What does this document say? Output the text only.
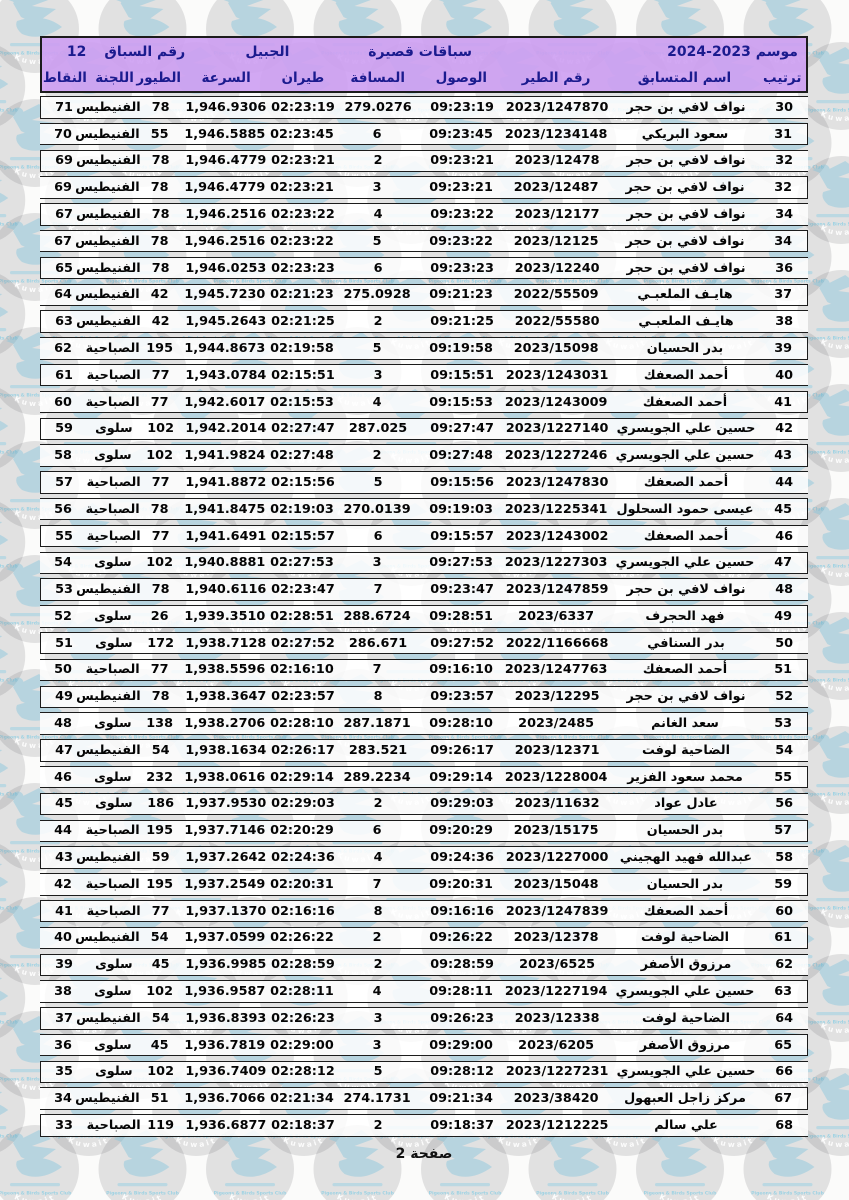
12 رقم السباق	الجبيل	سباقات قصيرة	موسم 2023-2024
النقاط اللجنة الطيور	السرعة	طيران	المسافة	الوصول	رقم الطير	اسم المتسابق	ترتيب
71 الفنيطيس 78	1,946.9306 02:23:19 279.0276	09:23:19 2023/1247870	نواف لافي بن حجر	30
70 الفنيطيس 55	1,946.5885 02:23:45	6	09:23:45 2023/1234148	سعود البريكي	31
69 الفنيطيس 78	1,946.4779 02:23:21	2	09:23:21	2023/12478	نواف لافي بن حجر	32
69 الفنيطيس 78	1,946.4779 02:23:21	3	09:23:21	2023/12487	نواف لافي بن حجر	32
67 الفنيطيس 78	1,946.2516 02:23:22	4	09:23:22	2023/12177	نواف لافي بن حجر	34
67 الفنيطيس 78	1,946.2516 02:23:22	5	09:23:22	2023/12125	نواف لافي بن حجر	34
65 الفنيطيس 78	1,946.0253 02:23:23	6	09:23:23	2023/12240	نواف لافي بن حجر	36
64 الفنيطيس 42	1,945.7230 02:21:23 275.0928	09:21:23	2022/55509	هايـف الملعبـي	37
63 الفنيطيس 42	1,945.2643 02:21:25	2	09:21:25	2022/55580	هايـف الملعبـي	38
62	الصباحية 195 1,944.8673 02:19:58	5	09:19:58	2023/15098	بدر الحسيان	39
61	الصباحية 77	1,943.0784 02:15:51	3	09:15:51 2023/1243031	أحمد الصعفك	40
60	الصباحية 77	1,942.6017 02:15:53	4	09:15:53 2023/1243009	أحمد الصعفك	41
59	سلوى	102 1,942.2014 02:27:47	287.025	09:27:47 2023/1227140 حسين علي الجويسري	42
58	سلوى	102 1,941.9824 02:27:48	2	09:27:48 2023/1227246 حسين علي الجويسري	43
57	الصباحية 77	1,941.8872 02:15:56	5	09:15:56 2023/1247830	أحمد الصعفك	44
56	الصباحية 78	1,941.8475 02:19:03 270.0139	09:19:03 2023/1225341 عيسى حمود السحلول	45
55	الصباحية 77	1,941.6491 02:15:57	6	09:15:57 2023/1243002	أحمد الصعفك	46
54	سلوى	102 1,940.8881 02:27:53	3	09:27:53 2023/1227303 حسين علي الجويسري	47
53 الفنيطيس 78	1,940.6116 02:23:47	7	09:23:47 2023/1247859	نواف لافي بن حجر	48
52	سلوى	26	1,939.3510 02:28:51 288.6724	09:28:51	2023/6337	فهد الحجرف	49
51	سلوى	172 1,938.7128 02:27:52	286.671	09:27:52 2022/1166668	بدر السنافي	50
50	الصباحية 77	1,938.5596 02:16:10	7	09:16:10 2023/1247763	أحمد الصعفك	51
49 الفنيطيس 78	1,938.3647 02:23:57	8	09:23:57	2023/12295	نواف لافي بن حجر	52
48	سلوى	138 1,938.2706 02:28:10 287.1871	09:28:10	2023/2485	سعد الغانم	53
47 الفنيطيس 54	1,938.1634 02:26:17	283.521	09:26:17	2023/12371	الضاحية لوفت	54
46	سلوى	232 1,938.0616 02:29:14 289.2234	09:29:14 2023/1228004	محمد سعود الفزير	55
45	سلوى	186 1,937.9530 02:29:03	2	09:29:03	2023/11632	عادل عواد	56
44	الصباحية 195 1,937.7146 02:20:29	6	09:20:29	2023/15175	بدر الحسيان	57
43 الفنيطيس 59	1,937.2642 02:24:36	4	09:24:36 2023/1227000 عبدالله فهيد الهجيني	58
42	الصباحية 195 1,937.2549 02:20:31	7	09:20:31	2023/15048	بدر الحسيان	59
41	الصباحية 77	1,937.1370 02:16:16	8	09:16:16 2023/1247839	أحمد الصعفك	60
40 الفنيطيس 54	1,937.0599 02:26:22	2	09:26:22	2023/12378	الضاحية لوفت	61
39	سلوى	45	1,936.9985 02:28:59	2	09:28:59	2023/6525	مرزوق الأصفر	62
38	سلوى	102 1,936.9587 02:28:11	4	09:28:11 2023/1227194 حسين علي الجويسري	63
37 الفنيطيس 54	1,936.8393 02:26:23	3	09:26:23	2023/12338	الضاحية لوفت	64
36	سلوى	45	1,936.7819 02:29:00	3	09:29:00	2023/6205	مرزوق الأصفر	65
35	سلوى	102 1,936.7409 02:28:12	5	09:28:12 2023/1227231 حسين علي الجويسري	66
34 الفنيطيس 51	1,936.7066 02:21:34 274.1731	09:21:34	2023/38420	مركز زاجل العبهول	67
33	الصباحية 119 1,936.6877 02:18:37	2	09:18:37 2023/1212225	علي سالم	68
صفحة 2
